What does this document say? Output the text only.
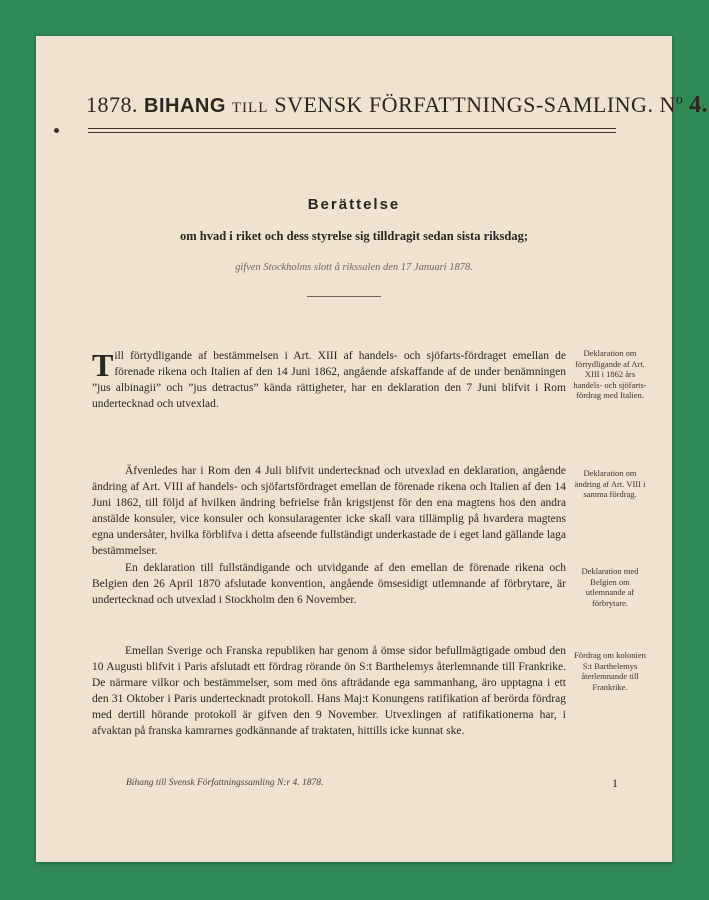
1878. BIHANG TILL SVENSK FÖRFATTNINGS-SAMLING. Nº 4.
Berättelse
om hvad i riket och dess styrelse sig tilldragit sedan sista riksdag;
gifven Stockholms slott å rikssalen den 17 Januari 1878.

Till förtydligande af bestämmelsen i Art. XIII af handels- och sjöfarts-fördraget emellan de förenade rikena och Italien af den 14 Juni 1862, angående afskaffande af de under benämningen ”jus albinagii” och ”jus detractus” kända rättigheter, har en deklaration den 7 Juni blifvit i Rom undertecknad och utvexlad.

Deklaration om förtydligande af Art. XIII i 1862 års handels- och sjöfarts-fördrag med Italien.

Äfvenledes har i Rom den 4 Juli blifvit undertecknad och utvexlad en deklaration, angående ändring af Art. VIII af handels- och sjöfartsfördraget emellan de förenade rikena och Italien af den 14 Juni 1862, till följd af hvilken ändring befrielse från krigstjenst för den ena magtens hos den andra anstälde konsuler, vice konsuler och konsularagenter icke skall vara tillämplig på hvardera magtens egna undersåter, hvilka förblifva i detta afseende fullständigt underkastade de i eget land gällande laga bestämmelser.

Deklaration om ändring af Art. VIII i samma fördrag.

En deklaration till fullständigande och utvidgande af den emellan de förenade rikena och Belgien den 26 April 1870 afslutade konvention, angående ömsesidigt utlemnande af förbrytare, är undertecknad och utvexlad i Stockholm den 6 November.

Deklaration med Belgien om utlemnande af förbrytare.

Emellan Sverige och Franska republiken har genom å ömse sidor befullmägtigade ombud den 10 Augusti blifvit i Paris afslutadt ett fördrag rörande ön S:t Barthelemys återlemnande till Frankrike. De närmare vilkor och bestämmelser, som med öns afträdande ega sammanhang, äro upptagna i ett den 31 Oktober i Paris undertecknadt protokoll. Hans Maj:t Konungens ratifikation af berörda fördrag med dertill hörande protokoll är gifven den 9 November. Utvexlingen af ratifikationerna har, i afvaktan på franska kamrarnes godkännande af traktaten, hittills icke kunnat ske.

Fördrag om kolonien S:t Barthelemys återlemnande till Frankrike.

Bihang till Svensk Författningssamling N:r 4. 1878.	1
